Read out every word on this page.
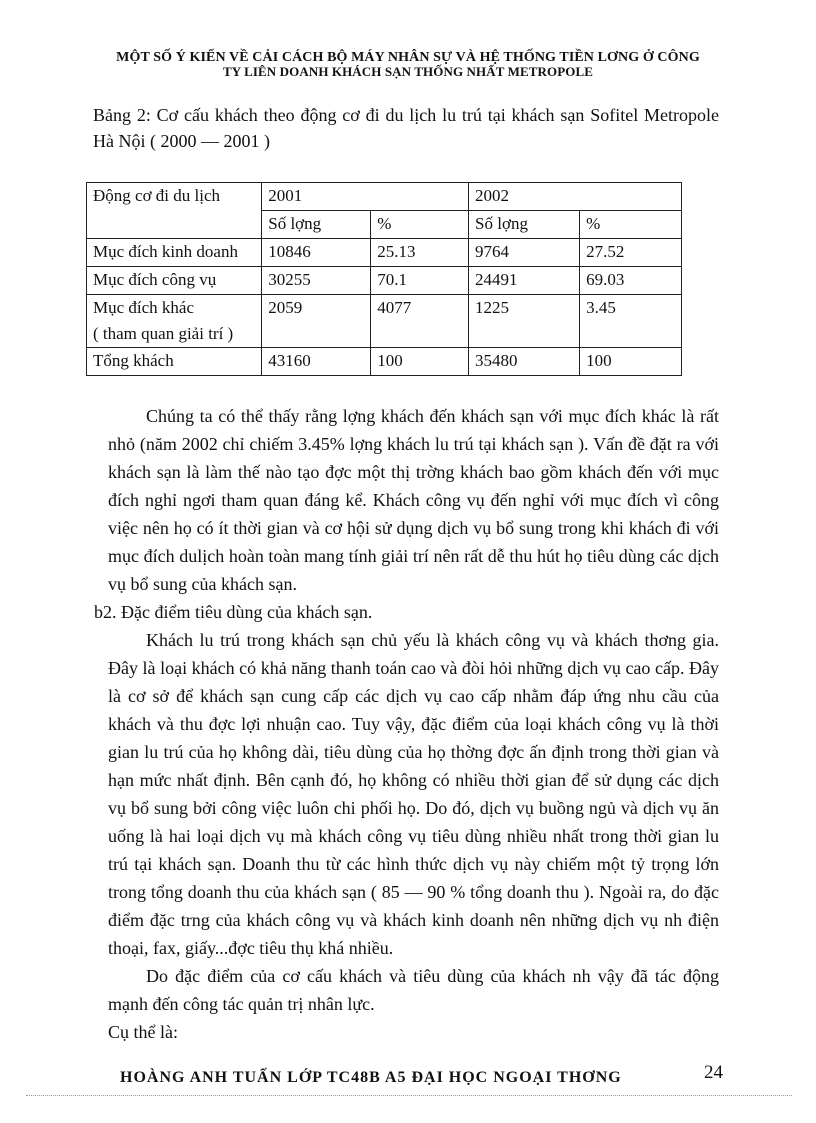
MỘT SỐ Ý KIẾN VỀ CẢI CÁCH BỘ MÁY NHÂN SỰ VÀ HỆ THỐNG TIỀN LƠNG Ở CÔNG
TY LIÊN DOANH KHÁCH SẠN THỐNG NHẤT METROPOLE
Bảng 2: Cơ cấu khách theo động cơ đi du lịch lu trú tại khách sạn Sofitel Metropole Hà Nội ( 2000 — 2001 )
Động cơ đi du lịch	2001		2002	
	Số lợng	%	Số lợng	%
Mục đích kinh doanh	10846	25.13	9764	27.52
Mục đích công vụ	30255	70.1	24491	69.03

Mục đích khác
( tham quan giải trí )	2059	4077	1225	3.45
Tổng khách	43160	100	35480	100

Chúng ta có thể thấy rằng lợng khách đến khách sạn với mục đích khác là rất nhỏ (năm 2002 chỉ chiếm 3.45% lợng khách lu trú tại khách sạn ). Vấn đề đặt ra với khách sạn là làm thế nào tạo đợc một thị trờng khách bao gồm khách đến với mục đích nghỉ ngơi tham quan đáng kể. Khách công vụ đến nghỉ với mục đích vì công việc nên họ có ít thời gian và cơ hội sử dụng dịch vụ bổ sung trong khi khách đi với mục đích dulịch hoàn toàn mang tính giải trí nên rất dễ thu hút họ tiêu dùng các dịch vụ bổ sung của khách sạn.

b2. Đặc điểm tiêu dùng của khách sạn.

Khách lu trú trong khách sạn chủ yếu là khách công vụ và khách thơng gia. Đây là loại khách có khả năng thanh toán cao và đòi hỏi những dịch vụ cao cấp. Đây là cơ sở để khách sạn cung cấp các dịch vụ cao cấp nhằm đáp ứng nhu cầu của khách và thu đợc lợi nhuận cao. Tuy vậy, đặc điểm của loại khách công vụ là thời gian lu trú của họ không dài, tiêu dùng của họ thờng đợc ấn định trong thời gian và hạn mức nhất định. Bên cạnh đó, họ không có nhiều thời gian để sử dụng các dịch vụ bổ sung bởi công việc luôn chi phối họ. Do đó, dịch vụ buồng ngủ và dịch vụ ăn uống là hai loại dịch vụ mà khách công vụ tiêu dùng nhiều nhất trong thời gian lu trú tại khách sạn. Doanh thu từ các hình thức dịch vụ này chiếm một tỷ trọng lớn trong tổng doanh thu của khách sạn ( 85 — 90 % tổng doanh thu ). Ngoài ra, do đặc điểm đặc trng của khách công vụ và khách kinh doanh nên những dịch vụ nh điện thoại, fax, giấy...đợc tiêu thụ khá nhiều.

Do đặc điểm của cơ cấu khách và tiêu dùng của khách nh vậy đã tác động mạnh đến công tác quản trị nhân lực.

Cụ thể là:

HOÀNG ANH TUẤN LỚP TC48B A5 ĐẠI HỌC NGOẠI THƠNG	24
